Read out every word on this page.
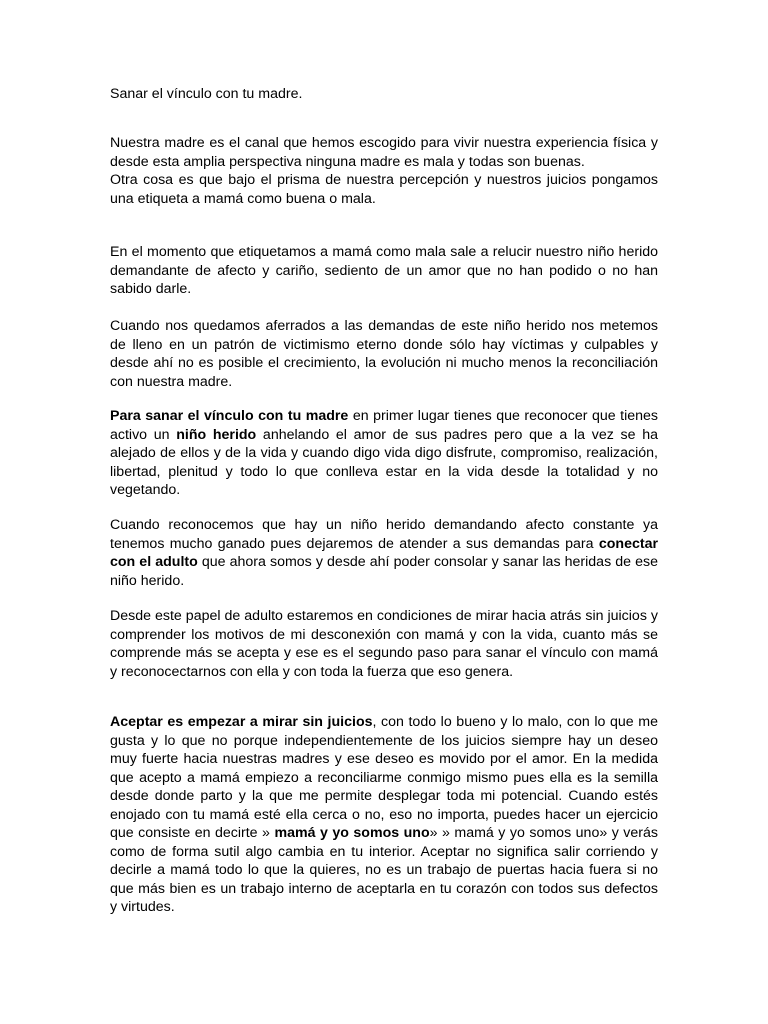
Sanar el vínculo con tu madre.

Nuestra madre es el canal que hemos escogido para vivir nuestra experiencia física y desde esta amplia perspectiva ninguna madre es mala y todas son buenas.
Otra cosa es que bajo el prisma de nuestra percepción y nuestros juicios pongamos una etiqueta a mamá como buena o mala.

En el momento que etiquetamos a mamá como mala sale a relucir nuestro niño herido demandante de afecto y cariño, sediento de un amor que no han podido o no han sabido darle.

Cuando nos quedamos aferrados a las demandas de este niño herido nos metemos de lleno en un patrón de victimismo eterno donde sólo hay víctimas y culpables y desde ahí no es posible el crecimiento, la evolución ni mucho menos la reconciliación con nuestra madre.

Para sanar el vínculo con tu madre en primer lugar tienes que reconocer que tienes activo un niño herido anhelando el amor de sus padres pero que a la vez se ha alejado de ellos y de la vida y cuando digo vida digo disfrute, compromiso, realización, libertad, plenitud y todo lo que conlleva estar en la vida desde la totalidad y no vegetando.

Cuando reconocemos que hay un niño herido demandando afecto constante ya tenemos mucho ganado pues dejaremos de atender a sus demandas para conectar con el adulto que ahora somos y desde ahí poder consolar y sanar las heridas de ese niño herido.

Desde este papel de adulto estaremos en condiciones de mirar hacia atrás sin juicios y comprender los motivos de mi desconexión con mamá y con la vida, cuanto más se comprende más se acepta y ese es el segundo paso para sanar el vínculo con mamá y reconocectarnos con ella y con toda la fuerza que eso genera.

Aceptar es empezar a mirar sin juicios, con todo lo bueno y lo malo, con lo que me gusta y lo que no porque independientemente de los juicios siempre hay un deseo muy fuerte hacia nuestras madres y ese deseo es movido por el amor. En la medida que acepto a mamá empiezo a reconciliarme conmigo mismo pues ella es la semilla desde donde parto y la que me permite desplegar toda mi potencial. Cuando estés enojado con tu mamá esté ella cerca o no, eso no importa, puedes hacer un ejercicio que consiste en decirte » mamá y yo somos uno» » mamá y yo somos uno» y verás como de forma sutil algo cambia en tu interior. Aceptar no significa salir corriendo y decirle a mamá todo lo que la quieres, no es un trabajo de puertas hacia fuera si no que más bien es un trabajo interno de aceptarla en tu corazón con todos sus defectos y virtudes.
